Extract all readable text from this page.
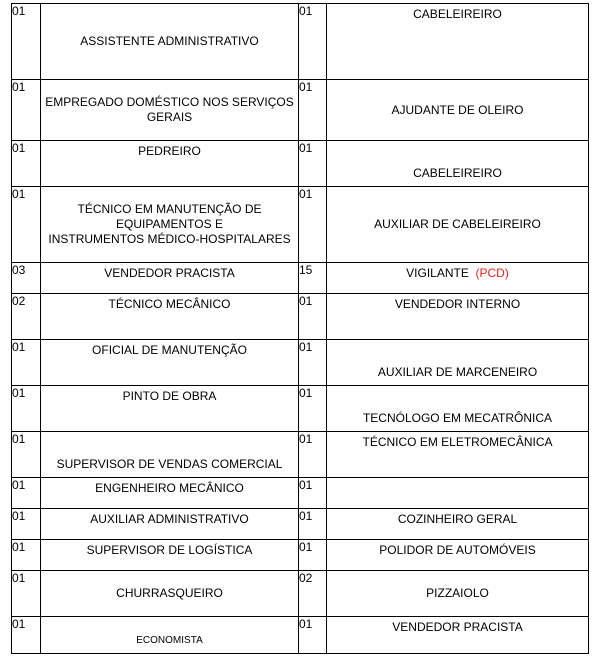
01	ASSISTENTE ADMINISTRATIVO	01	CABELEIREIRO
01	EMPREGADO DOMÉSTICO NOS SERVIÇOS
GERAIS	01	AJUDANTE DE OLEIRO
01	PEDREIRO	01	CABELEIREIRO
01	TÉCNICO EM MANUTENÇÃO DE
EQUIPAMENTOS E
INSTRUMENTOS MÉDICO-HOSPITALARES	01	AUXILIAR DE CABELEIREIRO
03	VENDEDOR PRACISTA	15	VIGILANTE (PCD)
02	TÉCNICO MECÂNICO	01	VENDEDOR INTERNO
01	OFICIAL DE MANUTENÇÃO	01	AUXILIAR DE MARCENEIRO
01	PINTO DE OBRA	01	TECNÓLOGO EM MECATRÔNICA
01	SUPERVISOR DE VENDAS COMERCIAL	01	TÉCNICO EM ELETROMECÂNICA
01	ENGENHEIRO MECÂNICO	01	
01	AUXILIAR ADMINISTRATIVO	01	COZINHEIRO GERAL
01	SUPERVISOR DE LOGÍSTICA	01	POLIDOR DE AUTOMÓVEIS
01	CHURRASQUEIRO	02	PIZZAIOLO
01	ECONOMISTA	01	VENDEDOR PRACISTA
